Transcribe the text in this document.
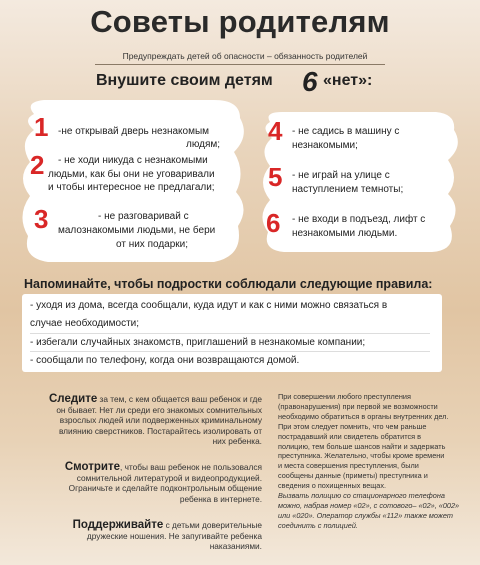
Советы родителям
Предупреждать детей об опасности – обязанность родителей
Внушите своим детям 6 «нет»:
1 -не открывай дверь незнакомым
людям;
2 - не ходи никуда с незнакомыми
людьми, как бы они не уговаривали
и чтобы интересное не предлагали;
3	- не разговаривай с
малознакомыми людьми, не бери
от них подарки;
4 - не садись в машину с
незнакомыми;
5 - не играй на улице с
наступлением темноты;
6 - не входи в подъезд, лифт с
незнакомыми людьми.
Напоминайте, чтобы подростки соблюдали следующие правила:
- уходя из дома, всегда сообщали, куда идут и как с ними можно связаться в
случае необходимости;
- избегали случайных знакомств, приглашений в незнакомые компании;
- сообщали по телефону, когда они возвращаются домой.
Следите за тем, с кем общается ваш ребенок и где
он бывает. Нет ли среди его знакомых сомнительных
взрослых людей или подверженных криминальному
влиянию сверстников. Постарайтесь изолировать от
них ребенка.
Смотрите, чтобы ваш ребенок не пользовался
сомнительной литературой и видеопродукцией.
Ограничьте и сделайте подконтрольным общение
ребенка в интернете.
Поддерживайте с детьми доверительные
дружеские ношения. Не запугивайте ребенка
наказаниями.
При совершении любого преступления
(правонарушения) при первой же возможности
необходимо обратиться в органы внутренних дел.
При этом следует помнить, что чем раньше
пострадавший или свидетель обратится в
полицию, тем больше шансов найти и задержать
преступника. Желательно, чтобы кроме времени
и места совершения преступления, были
сообщены данные (приметы) преступника и
сведения о похищенных вещах.
Вызвать полицию со стационарного телефона
можно, набрав номер «02», с сотового– «02», «002»
или «020». Оператор службы «112» также может
соединить с полицией.
